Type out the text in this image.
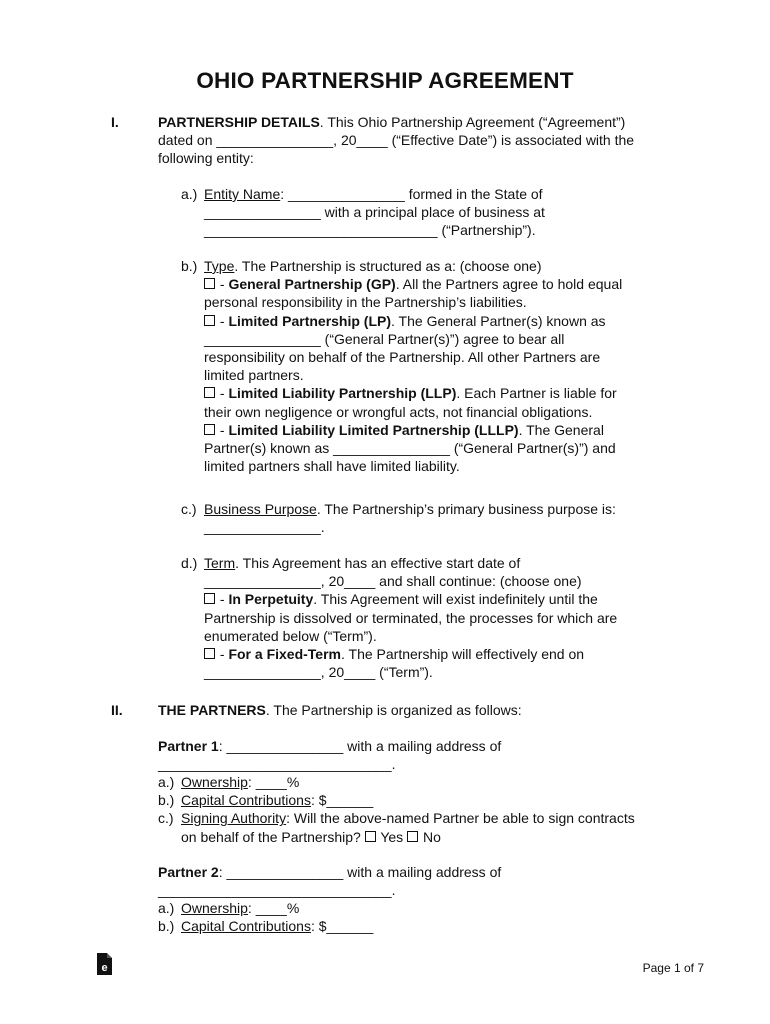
OHIO PARTNERSHIP AGREEMENT
I.	PARTNERSHIP DETAILS. This Ohio Partnership Agreement (“Agreement”)

dated on _______________, 20____ (“Effective Date”) is associated with the

following entity:

a.) Entity Name: _______________ formed in the State of

_______________ with a principal place of business at

______________________________ (“Partnership”).

b.) Type. The Partnership is structured as a: (choose one)

- General Partnership (GP). All the Partners agree to hold equal

personal responsibility in the Partnership’s liabilities.

- Limited Partnership (LP). The General Partner(s) known as

_______________ (“General Partner(s)”) agree to bear all

responsibility on behalf of the Partnership. All other Partners are

limited partners.

- Limited Liability Partnership (LLP). Each Partner is liable for

their own negligence or wrongful acts, not financial obligations.

- Limited Liability Limited Partnership (LLLP). The General

Partner(s) known as _______________ (“General Partner(s)”) and

limited partners shall have limited liability.

c.) Business Purpose. The Partnership’s primary business purpose is:

_______________.

d.) Term. This Agreement has an effective start date of

_______________, 20____ and shall continue: (choose one)

- In Perpetuity. This Agreement will exist indefinitely until the

Partnership is dissolved or terminated, the processes for which are

enumerated below (“Term”).

- For a Fixed-Term. The Partnership will effectively end on

_______________, 20____ (“Term”).

II.	THE PARTNERS. The Partnership is organized as follows:

Partner 1: _______________ with a mailing address of

______________________________.

a.)

b.)

c.)

Ownership: ____%

Capital Contributions: $______

Signing Authority: Will the above-named Partner be able to sign contracts

on behalf of the Partnership?  Yes  No

Partner 2: _______________ with a mailing address of

______________________________.

a.)

b.)

Ownership: ____%

Capital Contributions: $______

e	Page 1 of 7
